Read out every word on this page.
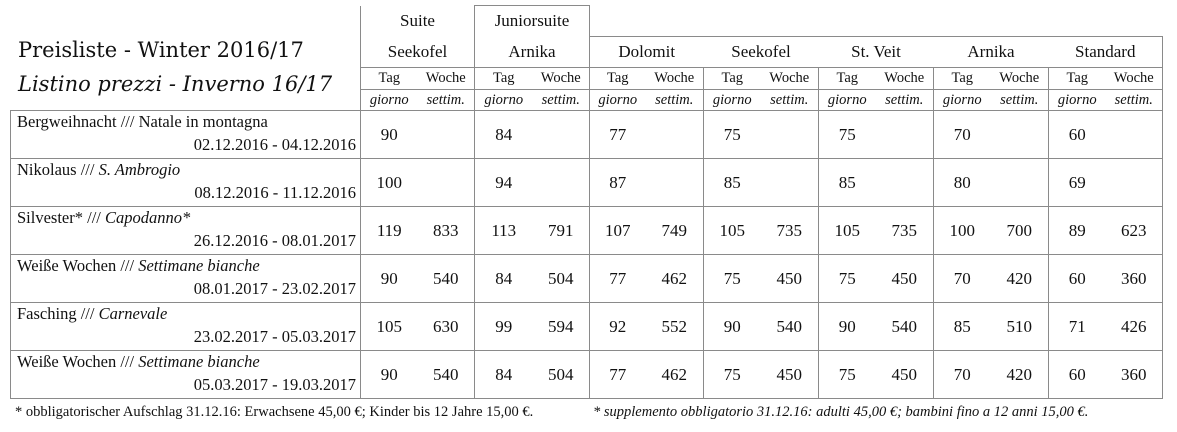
Preisliste - Winter 2016/17
Listino prezzi - Inverno 16/17
	Suite		Juniorsuite											
	Seekofel		Arnika		Dolomit		Seekofel		St. Veit		Arnika		Standard	
	Tag	Woche	Tag	Woche	Tag	Woche	Tag	Woche	Tag	Woche	Tag	Woche	Tag	Woche
	giorno	settim.	giorno	settim.	giorno	settim.	giorno	settim.	giorno	settim.	giorno	settim.	giorno	settim.

Bergweihnacht /// Natale in montagna
02.12.2016 - 04.12.2016	90		84		77		75		75		70		60	

Nikolaus /// S. Ambrogio
08.12.2016 - 11.12.2016	100		94		87		85		85		80		69	

Silvester* /// Capodanno*
26.12.2016 - 08.01.2017	119	833	113	791	107	749	105	735	105	735	100	700	89	623

Weiße Wochen /// Settimane bianche
08.01.2017 - 23.02.2017	90	540	84	504	77	462	75	450	75	450	70	420	60	360

Fasching /// Carnevale
23.02.2017 - 05.03.2017	105	630	99	594	92	552	90	540	90	540	85	510	71	426

Weiße Wochen /// Settimane bianche
05.03.2017 - 19.03.2017	90	540	84	504	77	462	75	450	75	450	70	420	60	360
* obbligatorischer Aufschlag 31.12.16: Erwachsene 45,00 €; Kinder bis 12 Jahre 15,00 €.	* supplemento obbligatorio 31.12.16: adulti 45,00 €; bambini fino a 12 anni 15,00 €.
